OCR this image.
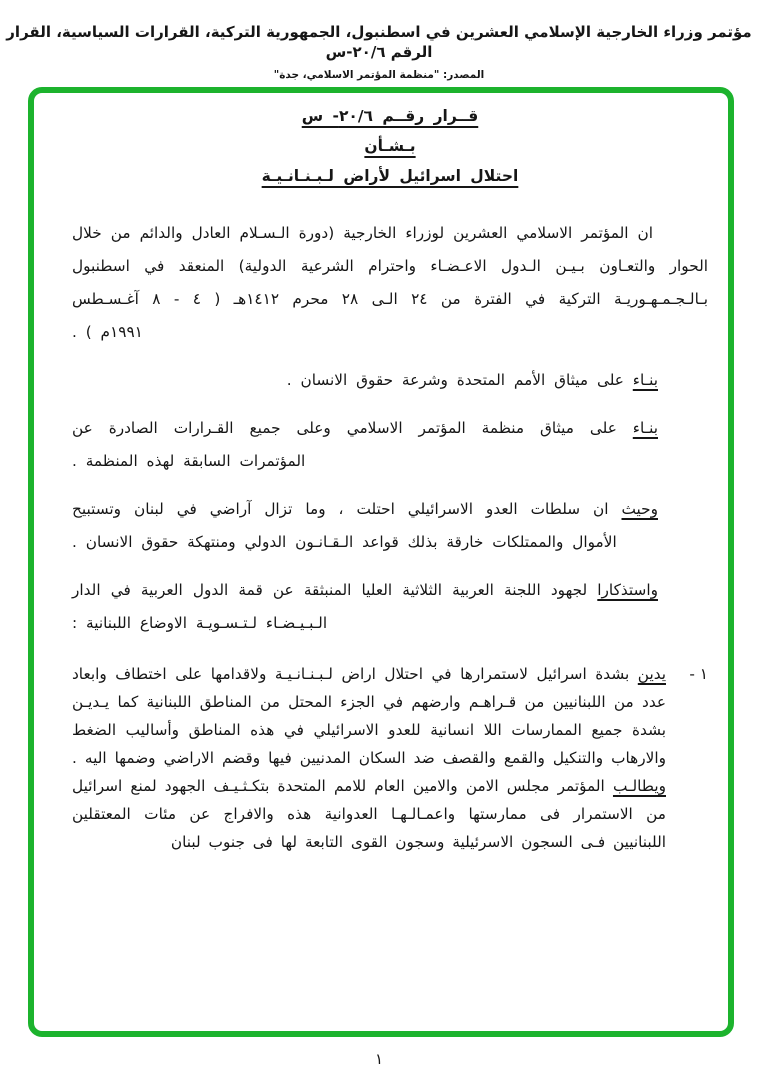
مؤتمر وزراء الخارجية الإسلامي العشرين في اسطنبول، الجمهورية التركية، القرارات السياسية، القرار الرقم ٢٠/٦-س
المصدر: "منظمة المؤتمر الاسلامي، جدة"
قــرار رقــم ٢٠/٦- س
بـشـأن
احتلال اسرائيل لأراض لـبـنـانـيـة

ان المؤتمر الاسلامي العشرين لوزراء الخارجية (دورة الـسـلام العادل والدائم من خلال الحوار والتعـاون بـيـن الـدول الاعـضـاء واحترام الشرعية الدولية) المنعقد في اسطنبول بـالـجـمـهـوريـة التركية في الفترة من ٢٤ الـى ٢٨ محرم ١٤١٢هـ ( ٤ - ٨ آغـسـطس

١٩٩١م ) .

بنـاء على ميثاق الأمم المتحدة وشرعة حقوق الانسان .

بنـاء على ميثاق منظمة المؤتمر الاسلامي وعلى جميع القـرارات الصادرة عن المؤتمرات السابقة لهذه المنظمة .

وحيث ان سلطات العدو الاسرائيلي احتلت ، وما تزال آراضي في لبنان وتستبيح الأموال والممتلكات خارقة بذلك قواعد الـقـانـون الدولي ومنتهكة حقوق الانسان .

واستذكارا لجهود اللجنة العربية الثلاثية العليا المنبثقة عن قمة الدول العربية في الدار الـبـيـضـاء لـتـسـويـة الاوضاع اللبنانية :

١ -
يدين بشدة اسرائيل لاستمرارها في احتلال اراض لـبـنـانـيـة ولاقدامها على اختطاف وابعاد عدد من اللبنانيين من قـراهـم وارضهم في الجزء المحتل من المناطق اللبنانية كما يـديـن بشدة جميع الممارسات اللا انسانية للعدو الاسرائيلي في هذه المناطق وأساليب الضغط والارهاب والتنكيل والقمع والقصف ضد السكان المدنيين فيها وقضم الاراضي وضمها اليه . ويطالـب المؤتمر مجلس الامن والامين العام للامم المتحدة بتكـثـيـف الجهود لمنع اسرائيل من الاستمرار فى ممارستها واعمـالـهـا العدوانية هذه والافراج عن مئات المعتقلين اللبنانيين فـى السجون الاسرئيلية وسجون القوى التابعة لها فى جنوب لبنان
١
